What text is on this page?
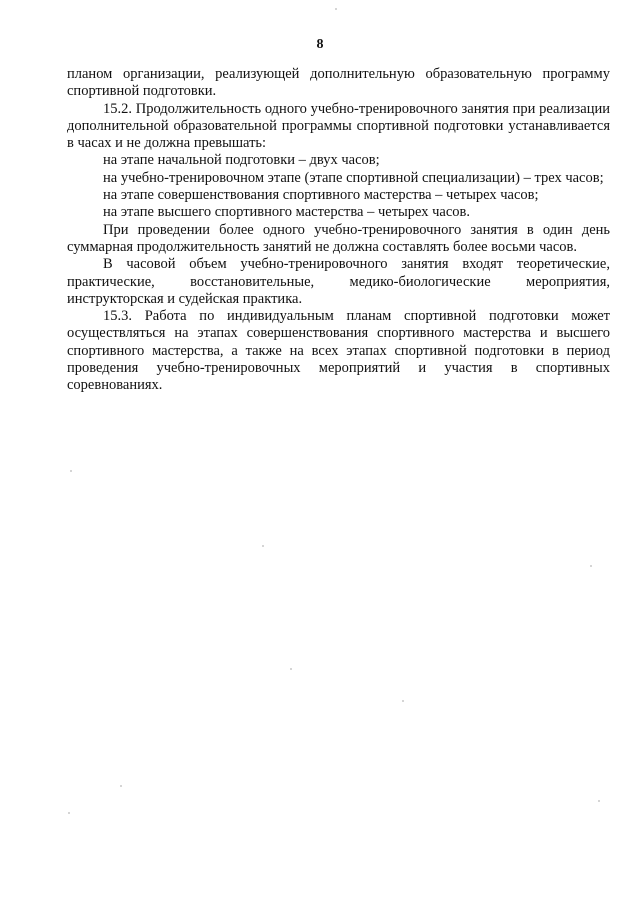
8

планом организации, реализующей дополнительную образовательную программу спортивной подготовки.

15.2. Продолжительность одного учебно-тренировочного занятия при реализации дополнительной образовательной программы спортивной подготовки устанавливается в часах и не должна превышать:

на этапе начальной подготовки – двух часов;

на учебно-тренировочном этапе (этапе спортивной специализации) – трех часов;

на этапе совершенствования спортивного мастерства – четырех часов;

на этапе высшего спортивного мастерства – четырех часов.

При проведении более одного учебно-тренировочного занятия в один день суммарная продолжительность занятий не должна составлять более восьми часов.

В часовой объем учебно-тренировочного занятия входят теоретические, практические, восстановительные, медико-биологические мероприятия, инструкторская и судейская практика.

15.3. Работа по индивидуальным планам спортивной подготовки может осуществляться на этапах совершенствования спортивного мастерства и высшего спортивного мастерства, а также на всех этапах спортивной подготовки в период проведения учебно-тренировочных мероприятий и участия в спортивных соревнованиях.
